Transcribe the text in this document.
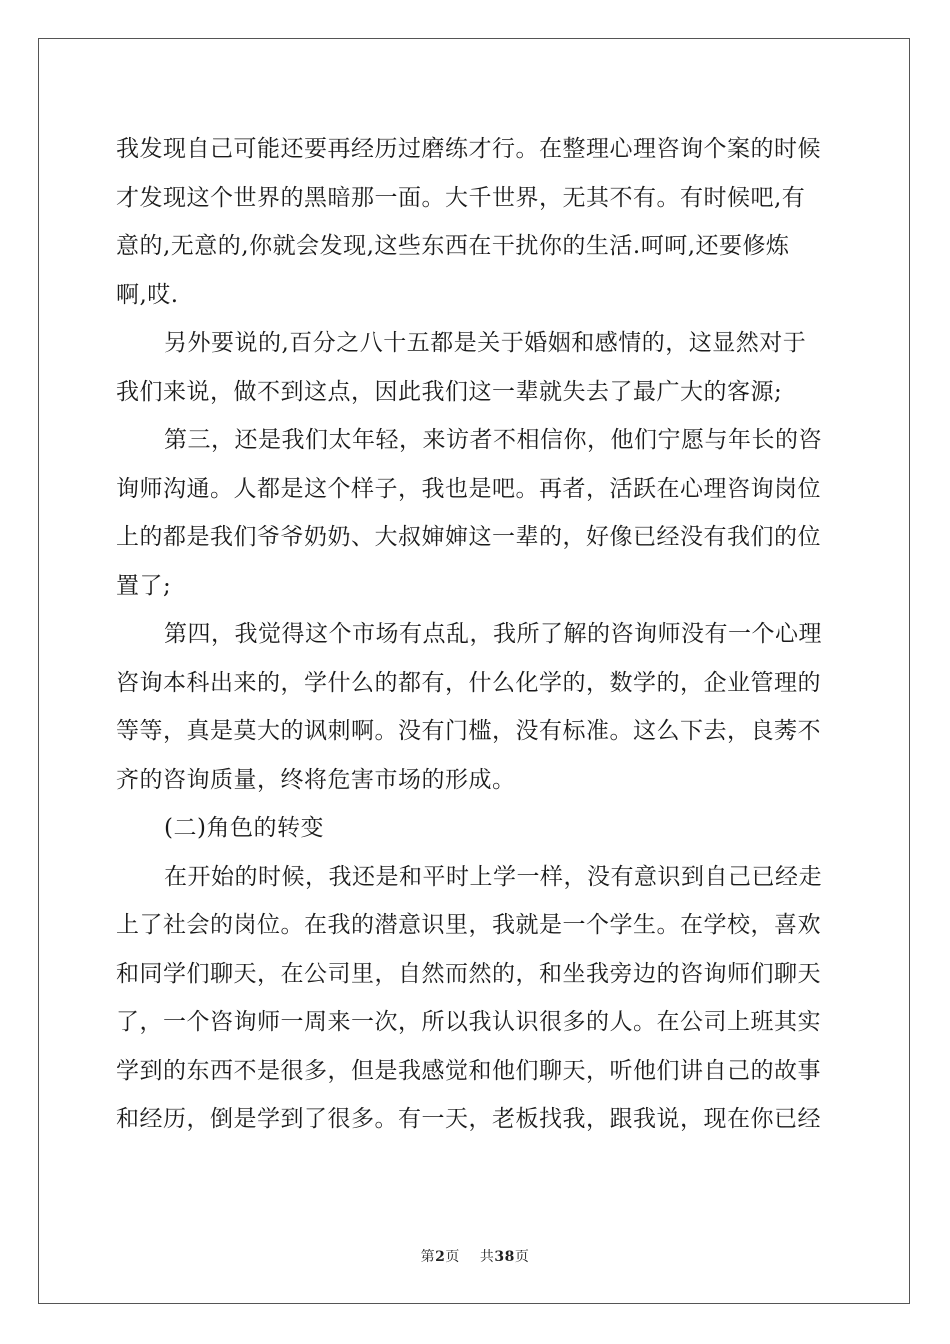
我发现自己可能还要再经历过磨练才行。在整理心理咨询个案的时候
才发现这个世界的黑暗那一面。大千世界，无其不有。有时候吧,有
意的,无意的,你就会发现,这些东西在干扰你的生活.呵呵,还要修炼
啊,哎.
另外要说的,百分之八十五都是关于婚姻和感情的，这显然对于
我们来说，做不到这点，因此我们这一辈就失去了最广大的客源;
第三，还是我们太年轻，来访者不相信你，他们宁愿与年长的咨
询师沟通。人都是这个样子，我也是吧。再者，活跃在心理咨询岗位
上的都是我们爷爷奶奶、大叔婶婶这一辈的，好像已经没有我们的位
置了;
第四，我觉得这个市场有点乱，我所了解的咨询师没有一个心理
咨询本科出来的，学什么的都有，什么化学的，数学的，企业管理的
等等，真是莫大的讽刺啊。没有门槛，没有标准。这么下去，良莠不
齐的咨询质量，终将危害市场的形成。
(二)角色的转变
在开始的时候，我还是和平时上学一样，没有意识到自己已经走
上了社会的岗位。在我的潜意识里，我就是一个学生。在学校，喜欢
和同学们聊天，在公司里，自然而然的，和坐我旁边的咨询师们聊天
了，一个咨询师一周来一次，所以我认识很多的人。在公司上班其实
学到的东西不是很多，但是我感觉和他们聊天，听他们讲自己的故事
和经历，倒是学到了很多。有一天，老板找我，跟我说，现在你已经
第2页 共38页
